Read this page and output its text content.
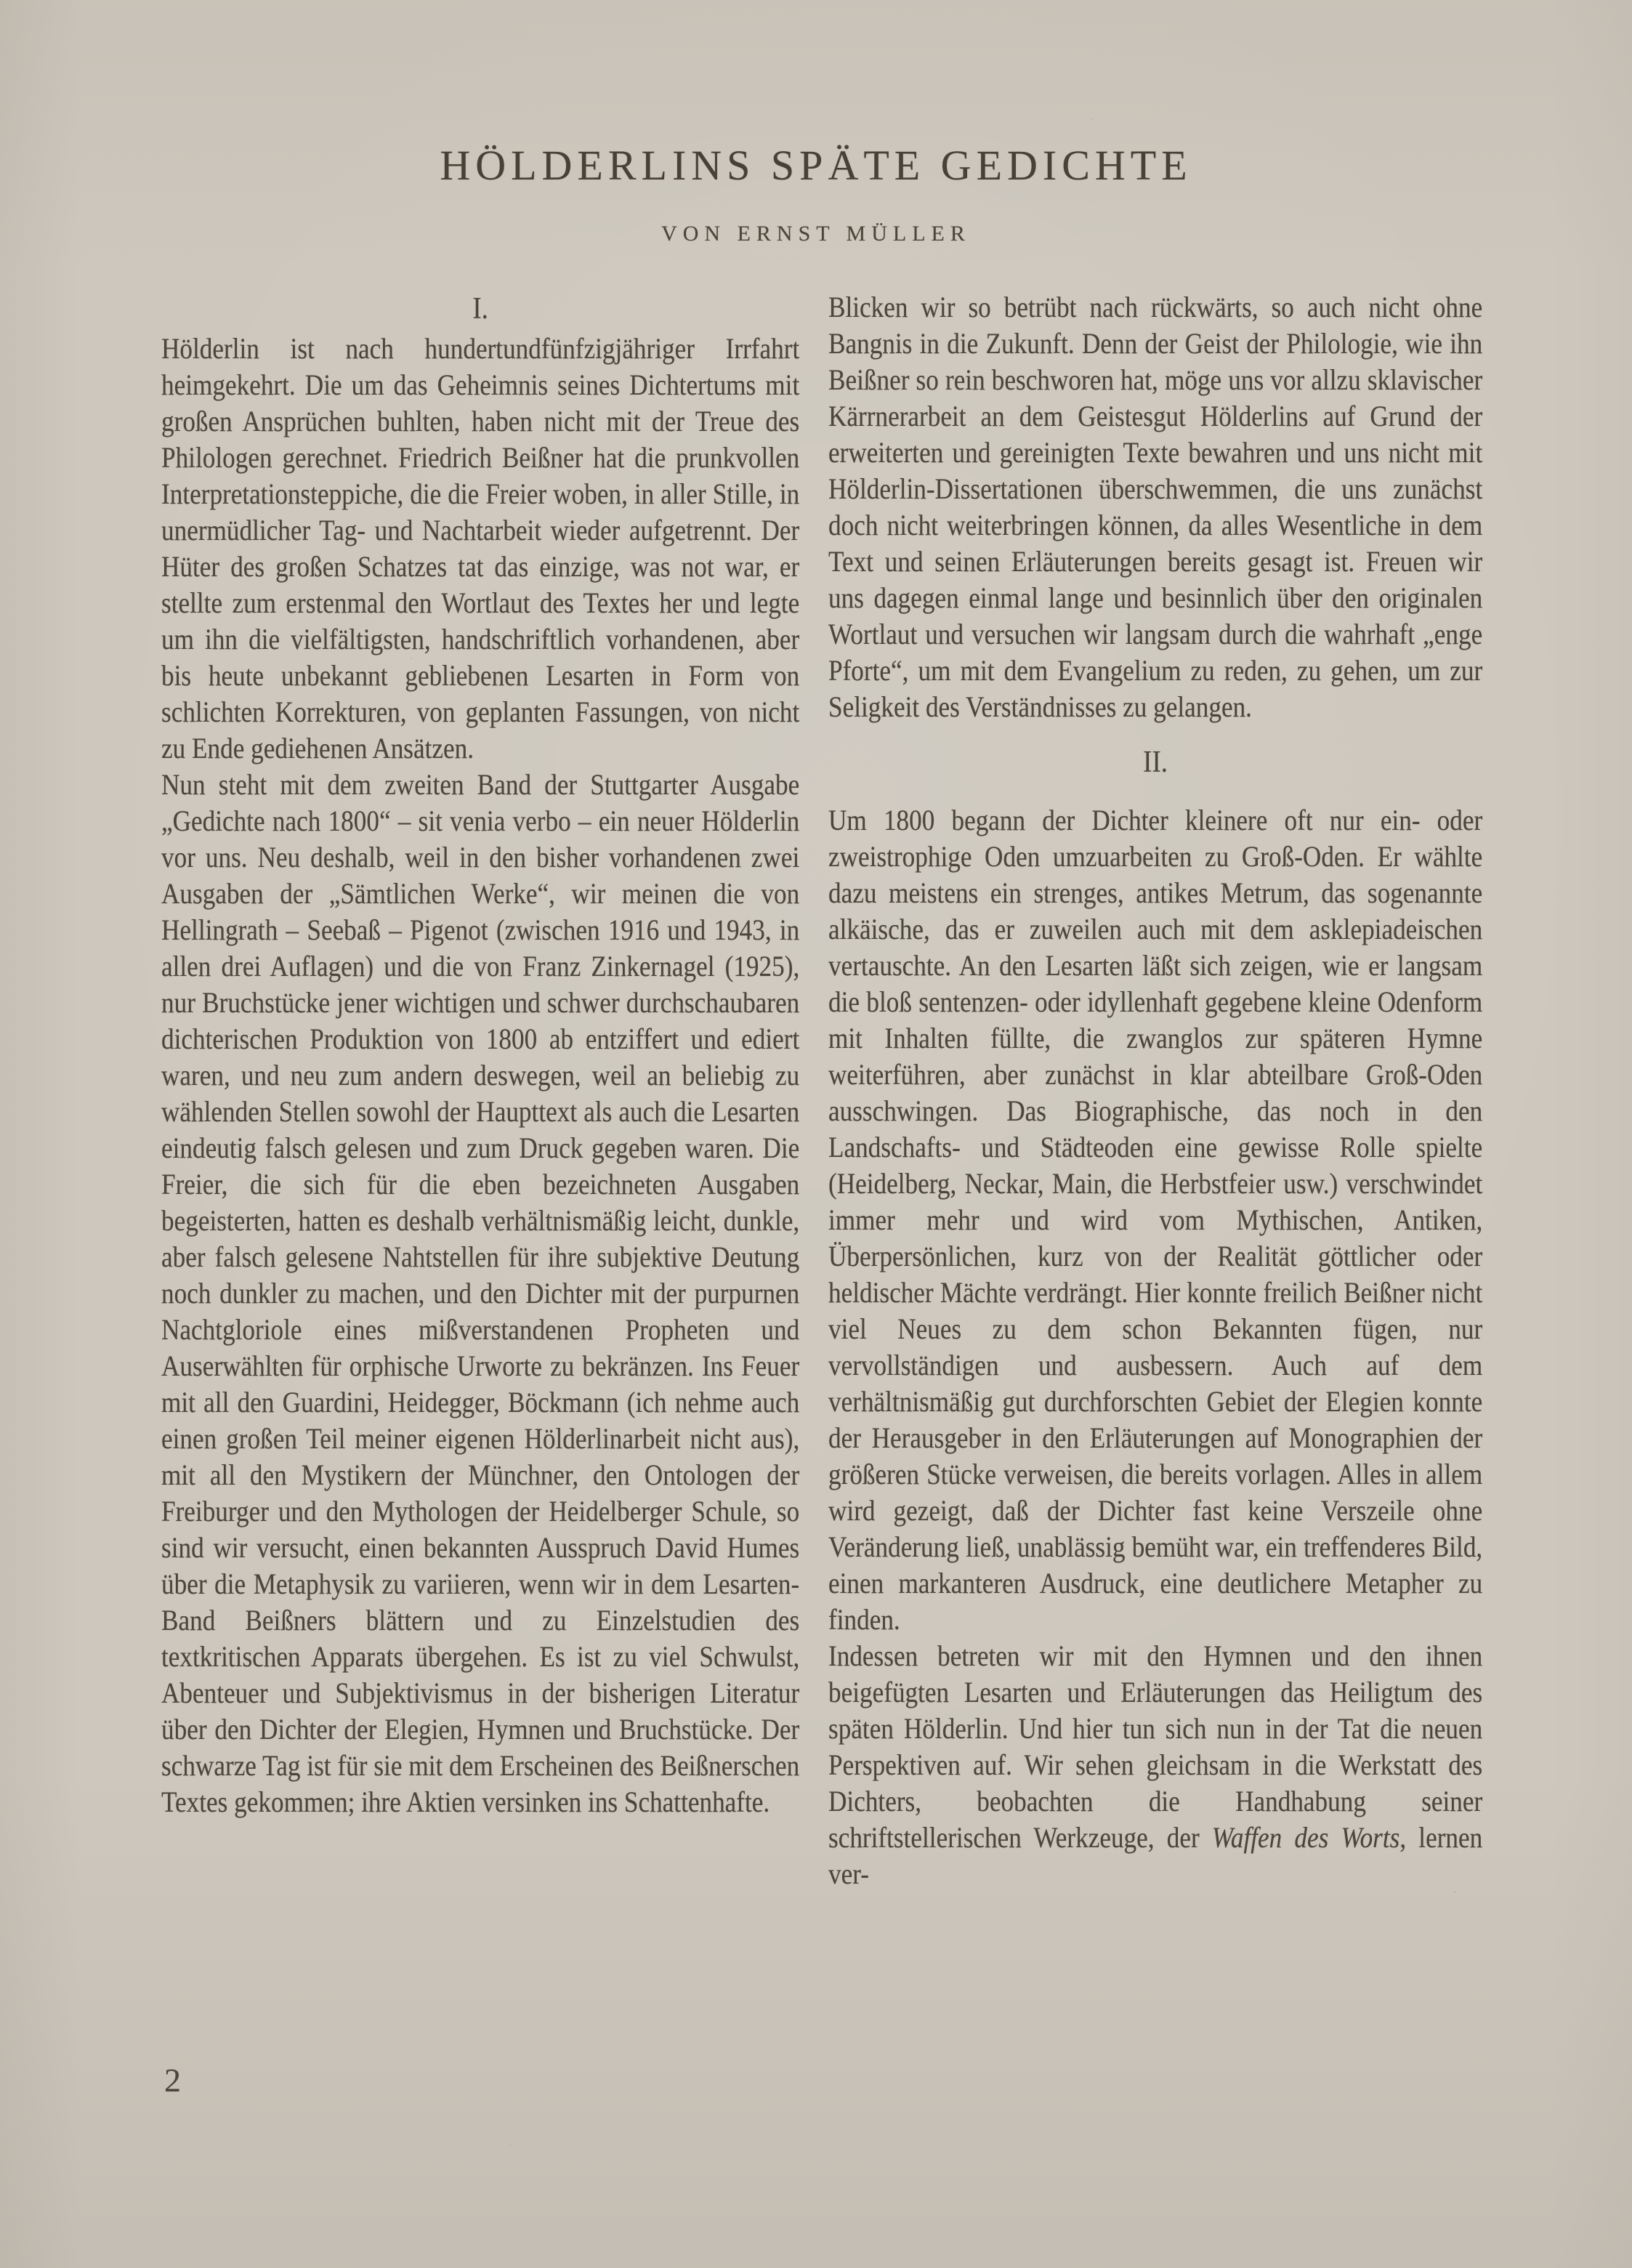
HÖLDERLINS SPÄTE GEDICHTE
VON ERNST MÜLLER
I.

Hölderlin ist nach hundertundfünfzigjähriger Irrfahrt heimgekehrt. Die um das Geheimnis seines Dichtertums mit großen Ansprüchen buhlten, haben nicht mit der Treue des Philologen gerechnet. Friedrich Beißner hat die prunkvollen Interpretationsteppiche, die die Freier woben, in aller Stille, in unermüdlicher Tag- und Nachtarbeit wieder aufgetrennt. Der Hüter des großen Schatzes tat das einzige, was not war, er stellte zum erstenmal den Wortlaut des Textes her und legte um ihn die vielfältigsten, handschriftlich vorhandenen, aber bis heute unbekannt gebliebenen Lesarten in Form von schlichten Korrekturen, von geplanten Fassungen, von nicht zu Ende gediehenen Ansätzen.

Nun steht mit dem zweiten Band der Stuttgarter Ausgabe „Gedichte nach 1800“ – sit venia verbo – ein neuer Hölderlin vor uns. Neu deshalb, weil in den bisher vorhandenen zwei Ausgaben der „Sämtlichen Werke“, wir meinen die von Hellingrath – Seebaß – Pigenot (zwischen 1916 und 1943, in allen drei Auflagen) und die von Franz Zinkernagel (1925), nur Bruchstücke jener wichtigen und schwer durchschaubaren dichterischen Produktion von 1800 ab entziffert und ediert waren, und neu zum andern deswegen, weil an beliebig zu wählenden Stellen sowohl der Haupttext als auch die Lesarten eindeutig falsch gelesen und zum Druck gegeben waren. Die Freier, die sich für die eben bezeichneten Ausgaben begeisterten, hatten es deshalb verhältnismäßig leicht, dunkle, aber falsch gelesene Nahtstellen für ihre subjektive Deutung noch dunkler zu machen, und den Dichter mit der purpurnen Nachtgloriole eines mißverstandenen Propheten und Auserwählten für orphische Urworte zu bekränzen. Ins Feuer mit all den Guardini, Heidegger, Böckmann (ich nehme auch einen großen Teil meiner eigenen Hölderlinarbeit nicht aus), mit all den Mystikern der Münchner, den Ontologen der Freiburger und den Mythologen der Heidelberger Schule, so sind wir versucht, einen bekannten Ausspruch David Humes über die Metaphysik zu variieren, wenn wir in dem Lesarten-Band Beißners blättern und zu Einzelstudien des textkritischen Apparats übergehen. Es ist zu viel Schwulst, Abenteuer und Subjektivismus in der bisherigen Literatur über den Dichter der Elegien, Hymnen und Bruchstücke. Der schwarze Tag ist für sie mit dem Erscheinen des Beißnerschen Textes gekommen; ihre Aktien versinken ins Schattenhafte.

Blicken wir so betrübt nach rückwärts, so auch nicht ohne Bangnis in die Zukunft. Denn der Geist der Philologie, wie ihn Beißner so rein beschworen hat, möge uns vor allzu sklavischer Kärrnerarbeit an dem Geistesgut Hölderlins auf Grund der erweiterten und gereinigten Texte bewahren und uns nicht mit Hölderlin-Dissertationen überschwemmen, die uns zunächst doch nicht weiterbringen können, da alles Wesentliche in dem Text und seinen Erläuterungen bereits gesagt ist. Freuen wir uns dagegen einmal lange und besinnlich über den originalen Wortlaut und versuchen wir langsam durch die wahrhaft „enge Pforte“, um mit dem Evangelium zu reden, zu gehen, um zur Seligkeit des Verständnisses zu gelangen.

II.

Um 1800 begann der Dichter kleinere oft nur ein- oder zweistrophige Oden umzuarbeiten zu Groß-Oden. Er wählte dazu meistens ein strenges, antikes Metrum, das sogenannte alkäische, das er zuweilen auch mit dem asklepiadeischen vertauschte. An den Lesarten läßt sich zeigen, wie er langsam die bloß sentenzen- oder idyllenhaft gegebene kleine Odenform mit Inhalten füllte, die zwanglos zur späteren Hymne weiterführen, aber zunächst in klar abteilbare Groß-Oden ausschwingen. Das Biographische, das noch in den Landschafts- und Städteoden eine gewisse Rolle spielte (Heidelberg, Neckar, Main, die Herbstfeier usw.) verschwindet immer mehr und wird vom Mythischen, Antiken, Überpersönlichen, kurz von der Realität göttlicher oder heldischer Mächte verdrängt. Hier konnte freilich Beißner nicht viel Neues zu dem schon Bekannten fügen, nur vervollständigen und ausbessern. Auch auf dem verhältnismäßig gut durchforschten Gebiet der Elegien konnte der Herausgeber in den Erläuterungen auf Monographien der größeren Stücke verweisen, die bereits vorlagen. Alles in allem wird gezeigt, daß der Dichter fast keine Verszeile ohne Veränderung ließ, unablässig bemüht war, ein treffenderes Bild, einen markanteren Ausdruck, eine deutlichere Metapher zu finden.

Indessen betreten wir mit den Hymnen und den ihnen beigefügten Lesarten und Erläuterungen das Heiligtum des späten Hölderlin. Und hier tun sich nun in der Tat die neuen Perspektiven auf. Wir sehen gleichsam in die Werkstatt des Dichters, beobachten die Handhabung seiner schriftstellerischen Werkzeuge, der Waffen des Worts, lernen ver-

2
